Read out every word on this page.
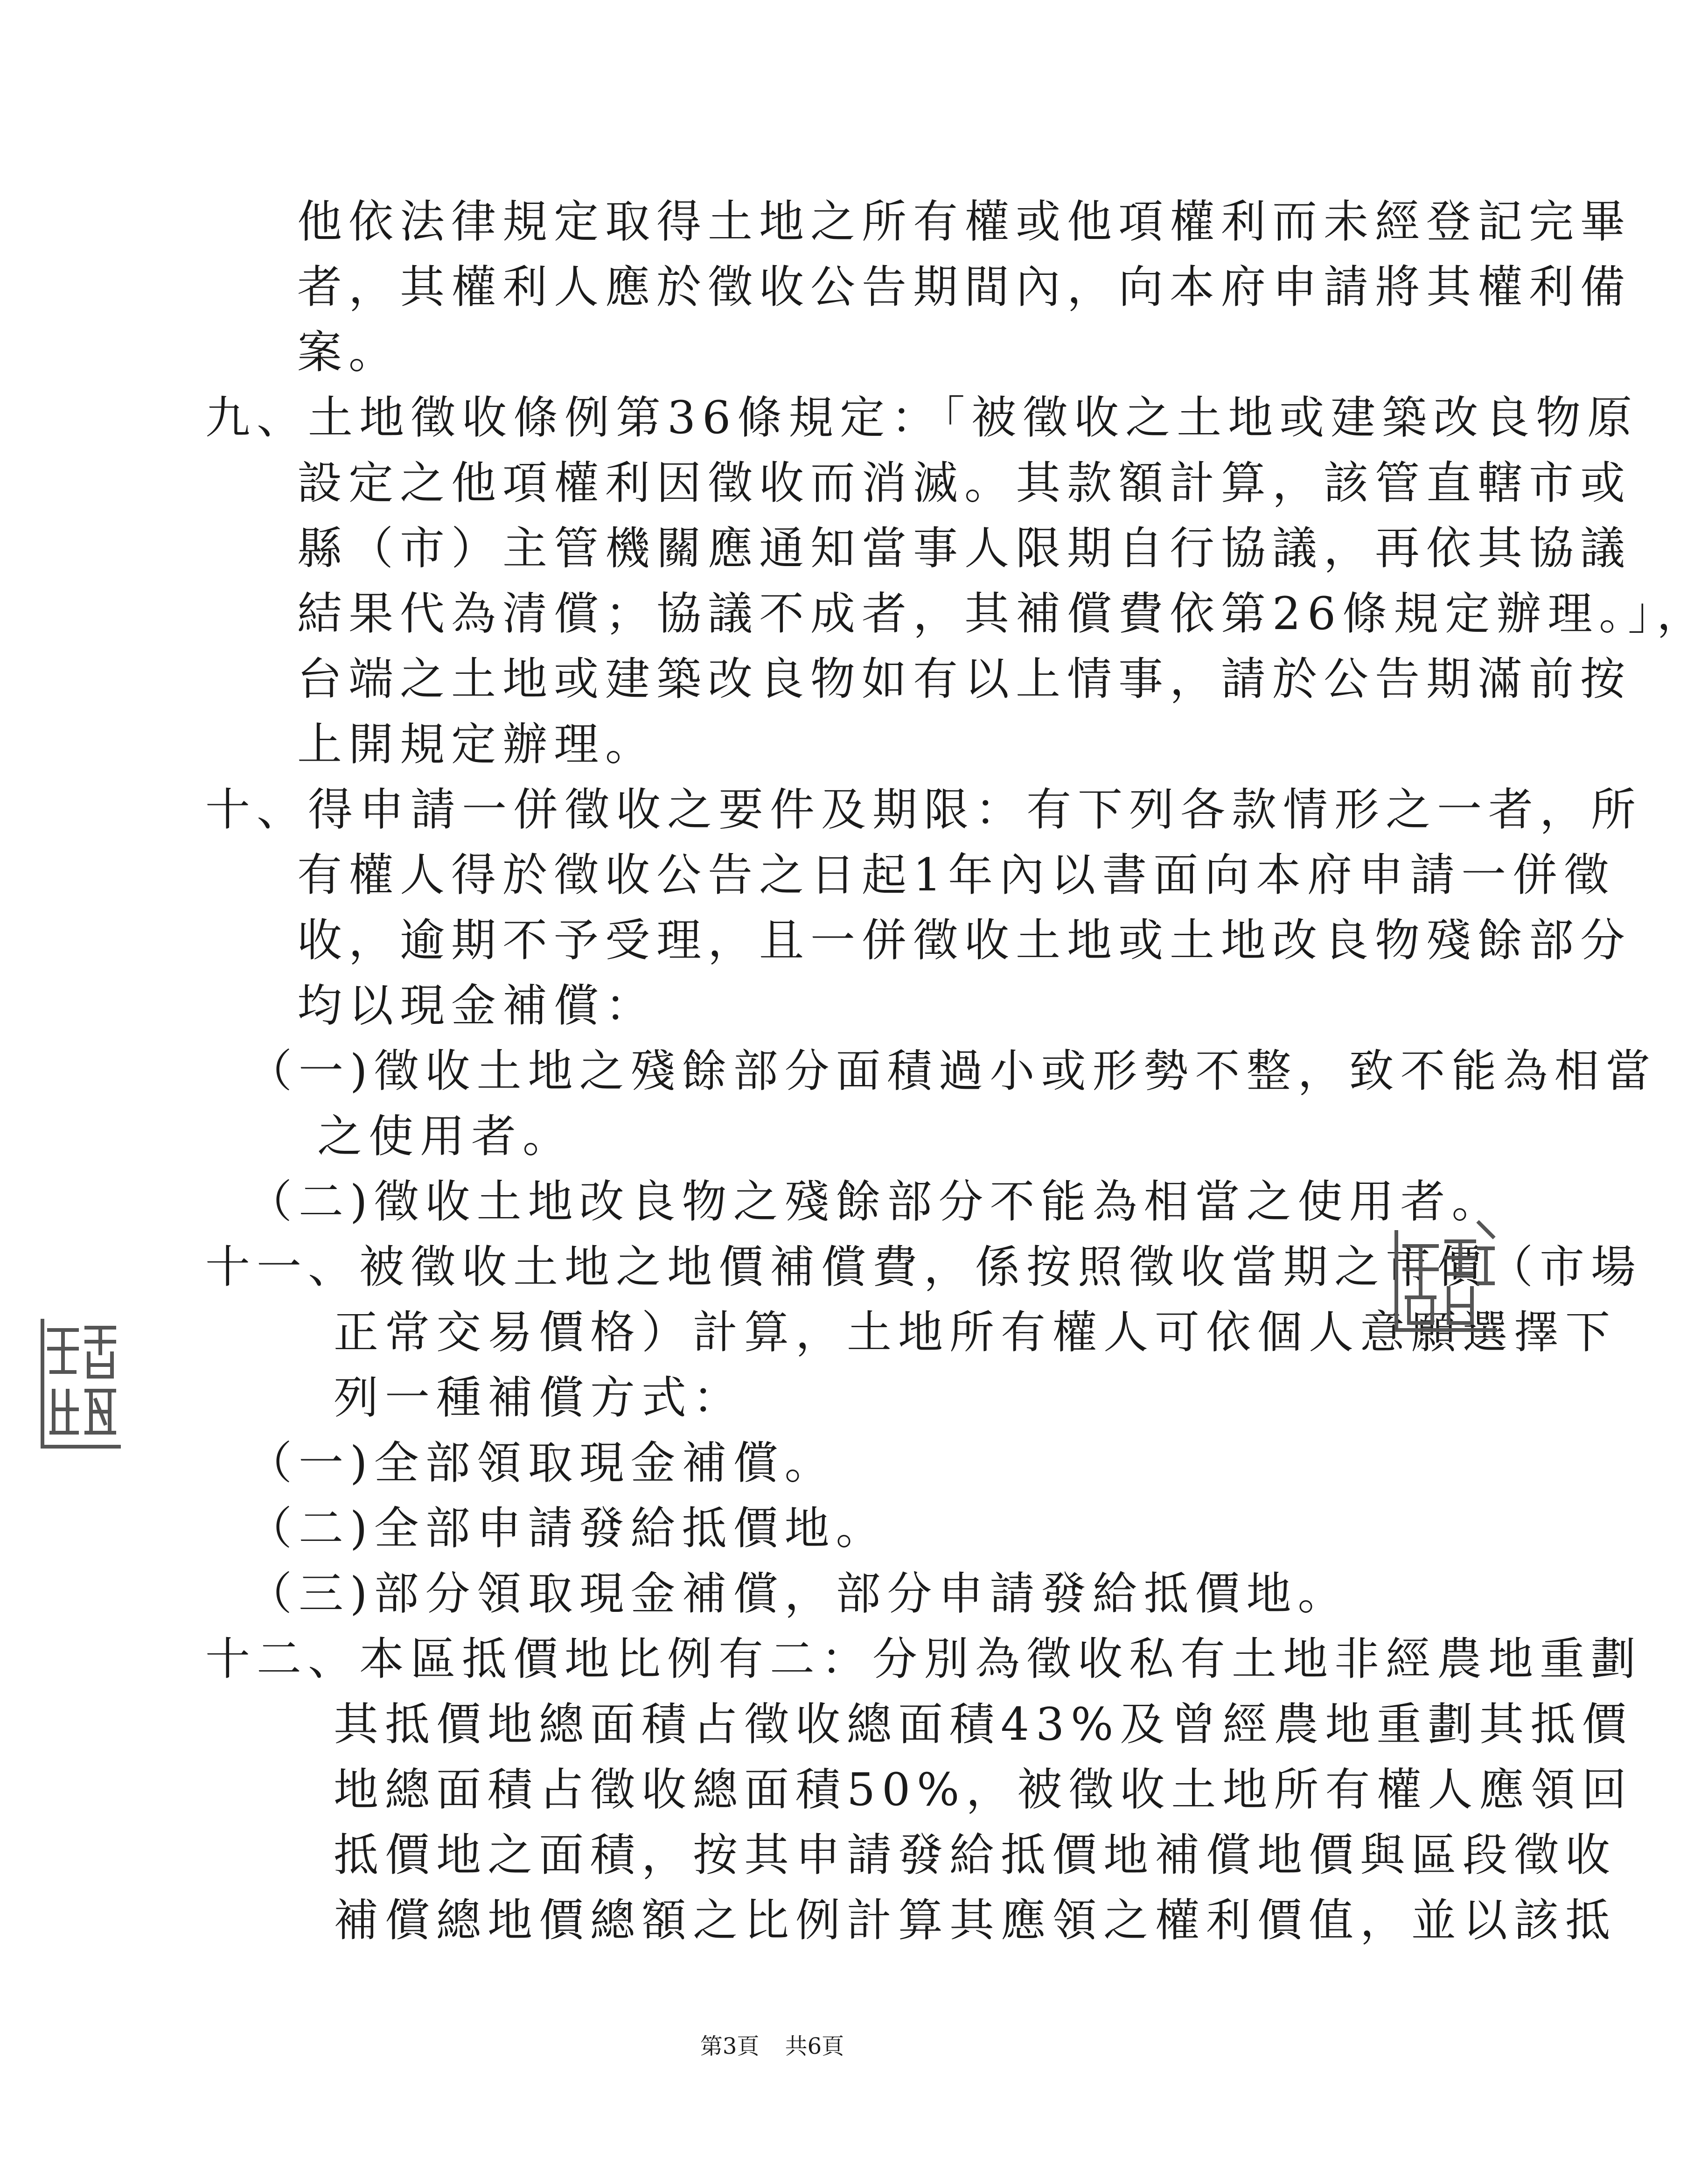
他依法律規定取得土地之所有權或他項權利而未經登記完畢
者，其權利人應於徵收公告期間內，向本府申請將其權利備
案。
九、土地徵收條例第36條規定：「被徵收之土地或建築改良物原
設定之他項權利因徵收而消滅。其款額計算，該管直轄市或
縣（市）主管機關應通知當事人限期自行協議，再依其協議
結果代為清償；協議不成者，其補償費依第26條規定辦理。」，
台端之土地或建築改良物如有以上情事，請於公告期滿前按
上開規定辦理。
十、得申請一併徵收之要件及期限：有下列各款情形之一者，所
有權人得於徵收公告之日起1年內以書面向本府申請一併徵
收，逾期不予受理，且一併徵收土地或土地改良物殘餘部分
均以現金補償：
（一)徵收土地之殘餘部分面積過小或形勢不整，致不能為相當
之使用者。
（二)徵收土地改良物之殘餘部分不能為相當之使用者。
十一、被徵收土地之地價補償費，係按照徵收當期之市價（市場
正常交易價格）計算，土地所有權人可依個人意願選擇下
列一種補償方式：
（一)全部領取現金補償。
（二)全部申請發給抵價地。
（三)部分領取現金補償，部分申請發給抵價地。
十二、本區抵價地比例有二：分別為徵收私有土地非經農地重劃
其抵價地總面積占徵收總面積43%及曾經農地重劃其抵價
地總面積占徵收總面積50%，被徵收土地所有權人應領回
抵價地之面積，按其申請發給抵價地補償地價與區段徵收
補償總地價總額之比例計算其應領之權利價值，並以該抵
第3頁 共6頁
